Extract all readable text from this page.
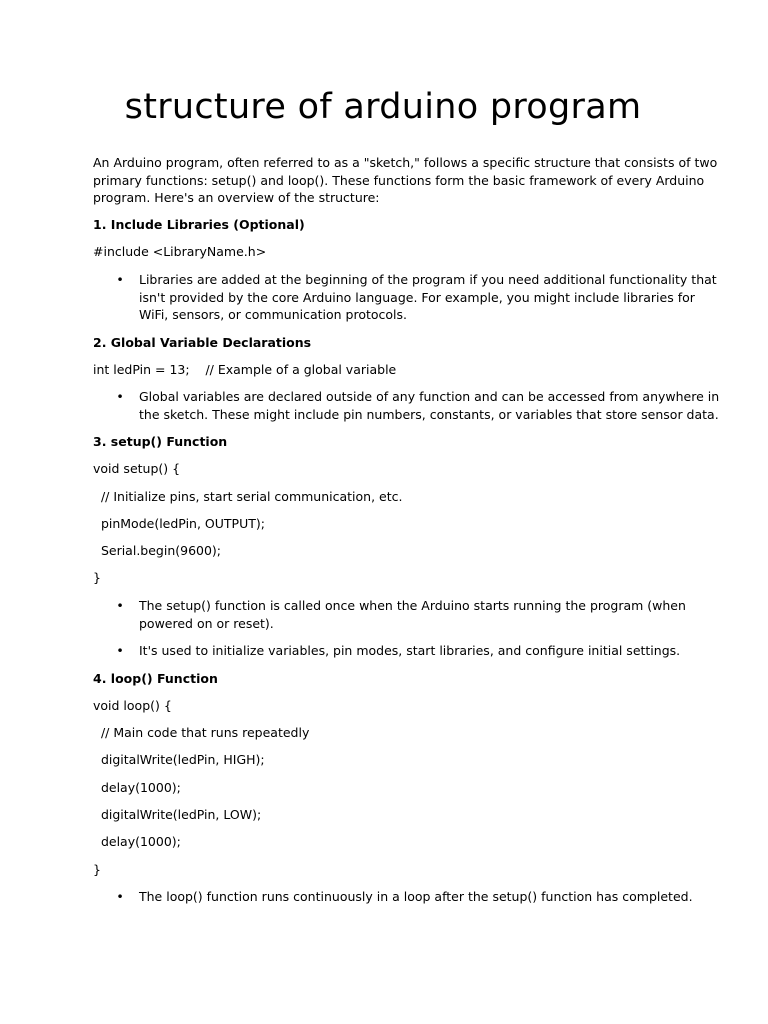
structure of arduino program

An Arduino program, often referred to as a "sketch," follows a specific structure that consists of two
primary functions: setup() and loop(). These functions form the basic framework of every Arduino
program. Here's an overview of the structure:

1. Include Libraries (Optional)

#include <LibraryName.h>

• Libraries are added at the beginning of the program if you need additional functionality that
isn't provided by the core Arduino language. For example, you might include libraries for
WiFi, sensors, or communication protocols.

2. Global Variable Declarations

int ledPin = 13;    // Example of a global variable

• Global variables are declared outside of any function and can be accessed from anywhere in
the sketch. These might include pin numbers, constants, or variables that store sensor data.

3. setup() Function

void setup() {

// Initialize pins, start serial communication, etc.

pinMode(ledPin, OUTPUT);

Serial.begin(9600);

}

• The setup() function is called once when the Arduino starts running the program (when
powered on or reset).
• It's used to initialize variables, pin modes, start libraries, and configure initial settings.

4. loop() Function

void loop() {

// Main code that runs repeatedly

digitalWrite(ledPin, HIGH);

delay(1000);

digitalWrite(ledPin, LOW);

delay(1000);

}

• The loop() function runs continuously in a loop after the setup() function has completed.
